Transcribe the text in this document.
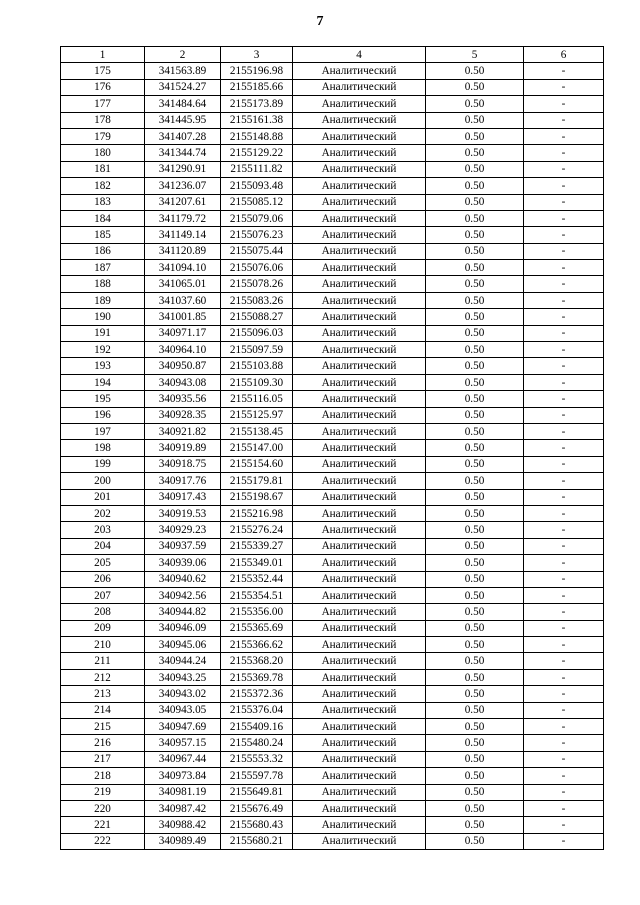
7
1	2	3	4	5	6
175	341563.89	2155196.98	Аналитический	0.50	-
176	341524.27	2155185.66	Аналитический	0.50	-
177	341484.64	2155173.89	Аналитический	0.50	-
178	341445.95	2155161.38	Аналитический	0.50	-
179	341407.28	2155148.88	Аналитический	0.50	-
180	341344.74	2155129.22	Аналитический	0.50	-
181	341290.91	2155111.82	Аналитический	0.50	-
182	341236.07	2155093.48	Аналитический	0.50	-
183	341207.61	2155085.12	Аналитический	0.50	-
184	341179.72	2155079.06	Аналитический	0.50	-
185	341149.14	2155076.23	Аналитический	0.50	-
186	341120.89	2155075.44	Аналитический	0.50	-
187	341094.10	2155076.06	Аналитический	0.50	-
188	341065.01	2155078.26	Аналитический	0.50	-
189	341037.60	2155083.26	Аналитический	0.50	-
190	341001.85	2155088.27	Аналитический	0.50	-
191	340971.17	2155096.03	Аналитический	0.50	-
192	340964.10	2155097.59	Аналитический	0.50	-
193	340950.87	2155103.88	Аналитический	0.50	-
194	340943.08	2155109.30	Аналитический	0.50	-
195	340935.56	2155116.05	Аналитический	0.50	-
196	340928.35	2155125.97	Аналитический	0.50	-
197	340921.82	2155138.45	Аналитический	0.50	-
198	340919.89	2155147.00	Аналитический	0.50	-
199	340918.75	2155154.60	Аналитический	0.50	-
200	340917.76	2155179.81	Аналитический	0.50	-
201	340917.43	2155198.67	Аналитический	0.50	-
202	340919.53	2155216.98	Аналитический	0.50	-
203	340929.23	2155276.24	Аналитический	0.50	-
204	340937.59	2155339.27	Аналитический	0.50	-
205	340939.06	2155349.01	Аналитический	0.50	-
206	340940.62	2155352.44	Аналитический	0.50	-
207	340942.56	2155354.51	Аналитический	0.50	-
208	340944.82	2155356.00	Аналитический	0.50	-
209	340946.09	2155365.69	Аналитический	0.50	-
210	340945.06	2155366.62	Аналитический	0.50	-
211	340944.24	2155368.20	Аналитический	0.50	-
212	340943.25	2155369.78	Аналитический	0.50	-
213	340943.02	2155372.36	Аналитический	0.50	-
214	340943.05	2155376.04	Аналитический	0.50	-
215	340947.69	2155409.16	Аналитический	0.50	-
216	340957.15	2155480.24	Аналитический	0.50	-
217	340967.44	2155553.32	Аналитический	0.50	-
218	340973.84	2155597.78	Аналитический	0.50	-
219	340981.19	2155649.81	Аналитический	0.50	-
220	340987.42	2155676.49	Аналитический	0.50	-
221	340988.42	2155680.43	Аналитический	0.50	-
222	340989.49	2155680.21	Аналитический	0.50	-
